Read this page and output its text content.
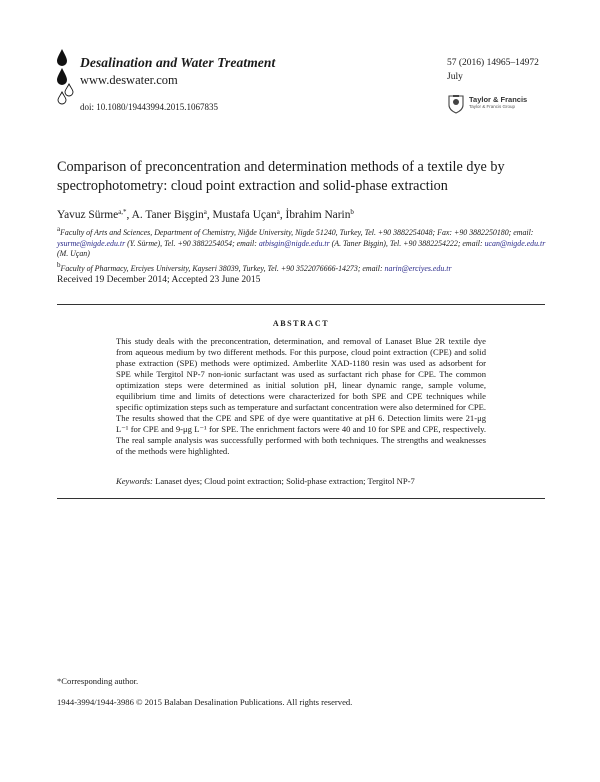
Desalination and Water Treatment
www.deswater.com
doi: 10.1080/19443994.2015.1067835
57 (2016) 14965–14972
July
Taylor & Francis
Taylor & Francis Group
Comparison of preconcentration and determination methods of a textile dye by spectrophotometry: cloud point extraction and solid-phase extraction
Yavuz Sürme$^{a,*}$, A. Taner Bişgin$^a$, Mustafa Uçan$^a$, İbrahim Narin$^b$
$^a$Faculty of Arts and Sciences, Department of Chemistry, Niğde University, Nigde 51240, Turkey, Tel. +90 3882254048; Fax: +90 3882250180; email: ysurme@nigde.edu.tr (Y. Sürme), Tel. +90 3882254054; email: atbisgin@nigde.edu.tr (A. Taner Bişgin), Tel. +90 3882254222; email: ucan@nigde.edu.tr (M. Uçan)
$^b$Faculty of Pharmacy, Erciyes University, Kayseri 38039, Turkey, Tel. +90 3522076666-14273; email: narin@erciyes.edu.tr
Received 19 December 2014; Accepted 23 June 2015
ABSTRACT
This study deals with the preconcentration, determination, and removal of Lanaset Blue 2R textile dye from aqueous medium by two different methods. For this purpose, cloud point extraction (CPE) and solid phase extraction (SPE) methods were optimized. Amberlite XAD-1180 resin was used as adsorbent for SPE while Tergitol NP-7 non-ionic surfactant was used as surfactant rich phase for CPE. The common optimization steps were determined as initial solution pH, linear dynamic range, sample volume, equilibrium time and limits of detections were characterized for both SPE and CPE techniques while specific optimization steps such as temperature and surfactant concentration were also determined for CPE. The results showed that the CPE and SPE of dye were quantitative at pH 6. Detection limits were 21-μg L⁻¹ for CPE and 9-μg L⁻¹ for SPE. The enrichment factors were 40 and 10 for SPE and CPE, respectively. The real sample analysis was successfully performed with both techniques. The strengths and weaknesses of the methods were highlighted.
Keywords: Lanaset dyes; Cloud point extraction; Solid-phase extraction; Tergitol NP-7
*Corresponding author.
1944-3994/1944-3986 © 2015 Balaban Desalination Publications. All rights reserved.
